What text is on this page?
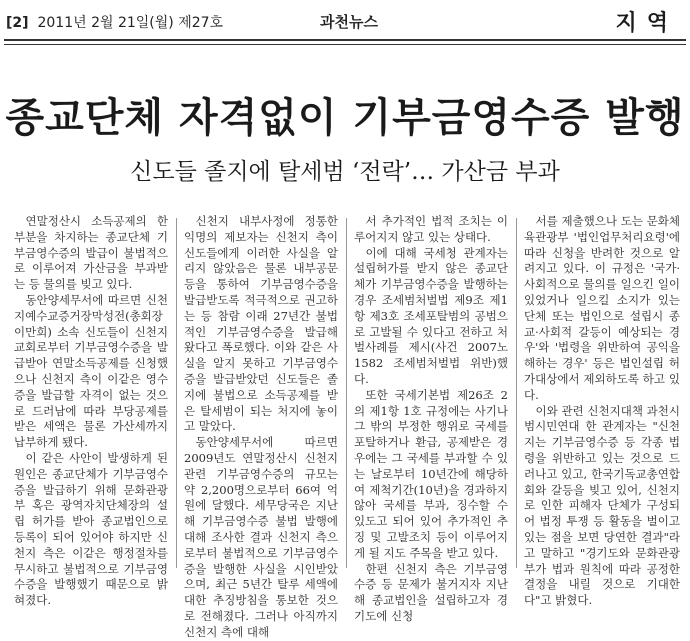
[2] 2011년 2월 21일(월) 제27호	과천뉴스	지역
종교단체 자격없이 기부금영수증 발행
신도들 졸지에 탈세범 ‘전락’… 가산금 부과

연말정산시 소득공제의 한 부분을 차지하는 종교단체 기부금영수증의 발급이 불법적으로 이루어져 가산금을 부과받는 등 물의를 빚고 있다.

동안양세무서에 따르면 신천지예수교증거장막성전(총회장 이만희) 소속 신도들이 신천지 교회로부터 기부금영수증을 발급받아 연말소득공제를 신청했으나 신천지 측이 이같은 영수증을 발급할 자격이 없는 것으로 드러남에 따라 부당공제를 받은 세액은 물론 가산세까지 납부하게 됐다.

이 같은 사안이 발생하게 된 원인은 종교단체가 기부금영수증을 발급하기 위해 문화관광부 혹은 광역자치단체장의 설립 허가를 받아 종교법인으로 등록이 되어 있어야 하지만 신천지 측은 이같은 행정절차를 무시하고 불법적으로 기부금영수증을 발행했기 때문으로 밝혀졌다.

신천지 내부사정에 정통한 익명의 제보자는 신천지 측이 신도들에게 이러한 사실을 알리지 않았음은 물론 내부공문 등을 통하여 기부금영수증을 발급받도록 적극적으로 권고하는 등 참람 이래 27년간 불법적인 기부금영수증을 발급해 왔다고 폭로했다. 이와 같은 사실을 알지 못하고 기부금영수증을 발급받았던 신도들은 졸지에 불법으로 소득공제를 받은 탈세범이 되는 처지에 놓이고 말았다.

동안양세무서에 따르면 2009년도 연말정산시 신천지 관련 기부금영수증의 규모는 약 2,200명으로부터 66여 억원에 달했다. 세무당국은 지난 해 기부금영수증 불법 발행에 대해 조사한 결과 신천지 측으로부터 불법적으로 기부금영수증을 발행한 사실을 시인받았으며, 최근 5년간 탈루 세액에 대한 추징방침을 통보한 것으로 전해졌다. 그러나 아직까지 신천지 측에 대해

서 추가적인 법적 조치는 이루어지지 않고 있는 상태다.

이에 대해 국세청 관계자는 설립허가를 받지 않은 종교단체가 기부금영수증을 발행하는 경우 조세범처벌법 제9조 제1항 제3호 조세포탈범의 공범으로 고발될 수 있다고 전하고 처벌사례를 제시(사건 2007노 1582 조세범처벌법 위반)했다.

또한 국세기본법 제26조 2의 제1항 1호 규정에는 사기나 그 밖의 부정한 행위로 국세를 포탈하거나 환급, 공제받은 경우에는 그 국세를 부과할 수 있는 날로부터 10년간에 해당하여 제척기간(10년)을 경과하지 않아 국세를 부과, 징수할 수 있도고 되어 있어 추가적인 추징 및 고발조치 등이 이루어지게 될 지도 주목을 받고 있다.

한편 신천지 측은 기부금영수증 등 문제가 불거지자 지난 해 종교법인을 설립하고자 경기도에 신청

서를 제출했으나 도는 문화체육관광부 '법인업무처리요령'에 따라 신청을 반려한 것으로 알려지고 있다. 이 규정은 '국가·사회적으로 물의를 일으킨 일이 있었거나 일으킬 소지가 있는 단체 또는 법인으로 설립시 종교·사회적 갈등이 예상되는 경우'와 '법령을 위반하여 공익을 해하는 경우' 등은 법인설립 허가대상에서 제외하도록 하고 있다.

이와 관련 신천지대책 과천시 범시민연대 한 관계자는 "신천지는 기부금영수증 등 각종 법령을 위반하고 있는 것으로 드러나고 있고, 한국기독교총연합회와 갈등을 빚고 있어, 신천지로 인한 피해자 단체가 구성되어 법정 투쟁 등 활동을 벌이고 있는 점을 보면 당연한 결과"라고 말하고 "경기도와 문화관광부가 법과 원칙에 따라 공정한 결정을 내릴 것으로 기대한다"고 밝혔다.
